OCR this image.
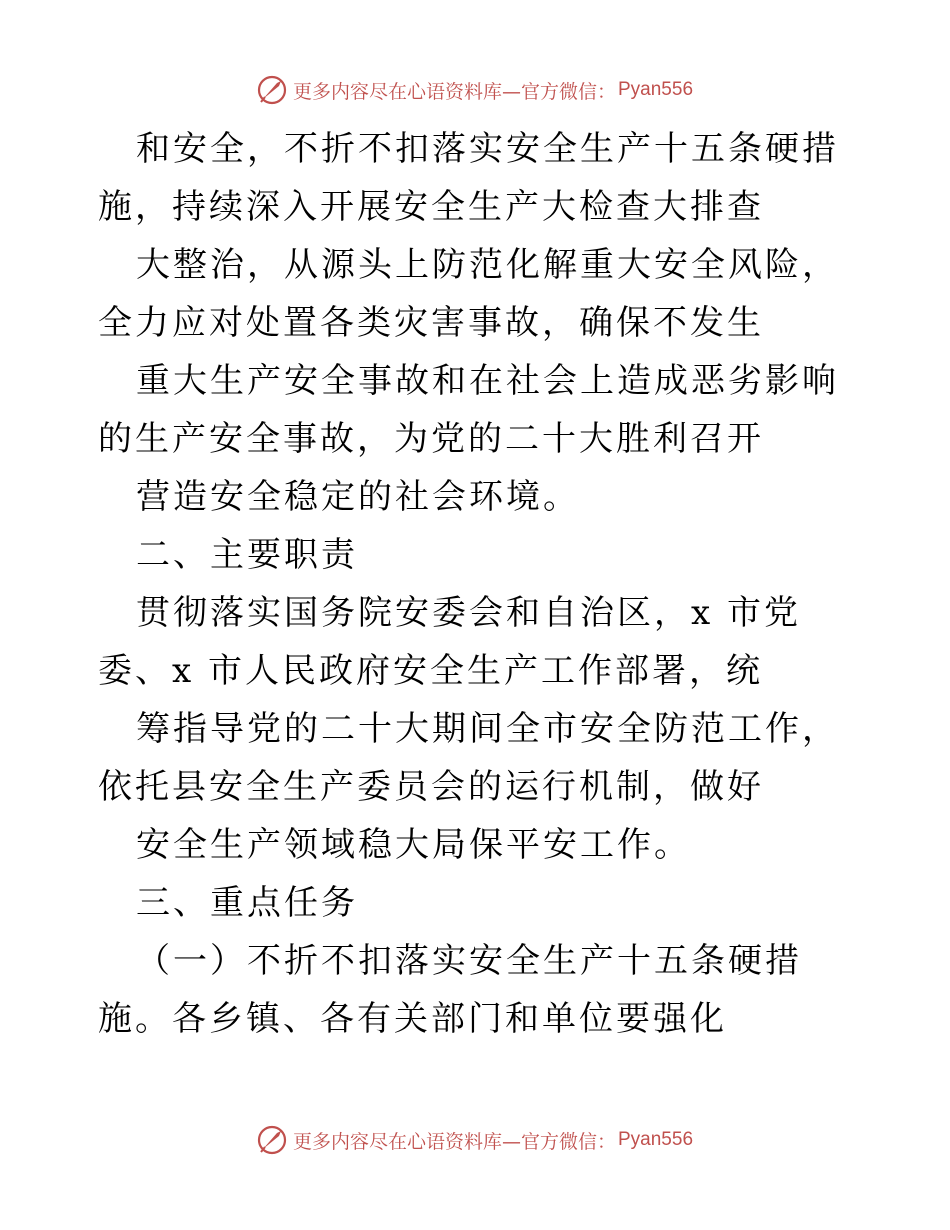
更多内容尽在心语资料库—官方微信： Pyan556

和安全，不折不扣落实安全生产十五条硬措施，持续深入开展安全生产大检查大排查

大整治，从源头上防范化解重大安全风险，全力应对处置各类灾害事故，确保不发生

重大生产安全事故和在社会上造成恶劣影响的生产安全事故，为党的二十大胜利召开

营造安全稳定的社会环境。

二、主要职责

贯彻落实国务院安委会和自治区，x 市党委、x 市人民政府安全生产工作部署，统

筹指导党的二十大期间全市安全防范工作，依托县安全生产委员会的运行机制，做好

安全生产领域稳大局保平安工作。

三、重点任务

（一）不折不扣落实安全生产十五条硬措施。各乡镇、各有关部门和单位要强化

更多内容尽在心语资料库—官方微信： Pyan556
